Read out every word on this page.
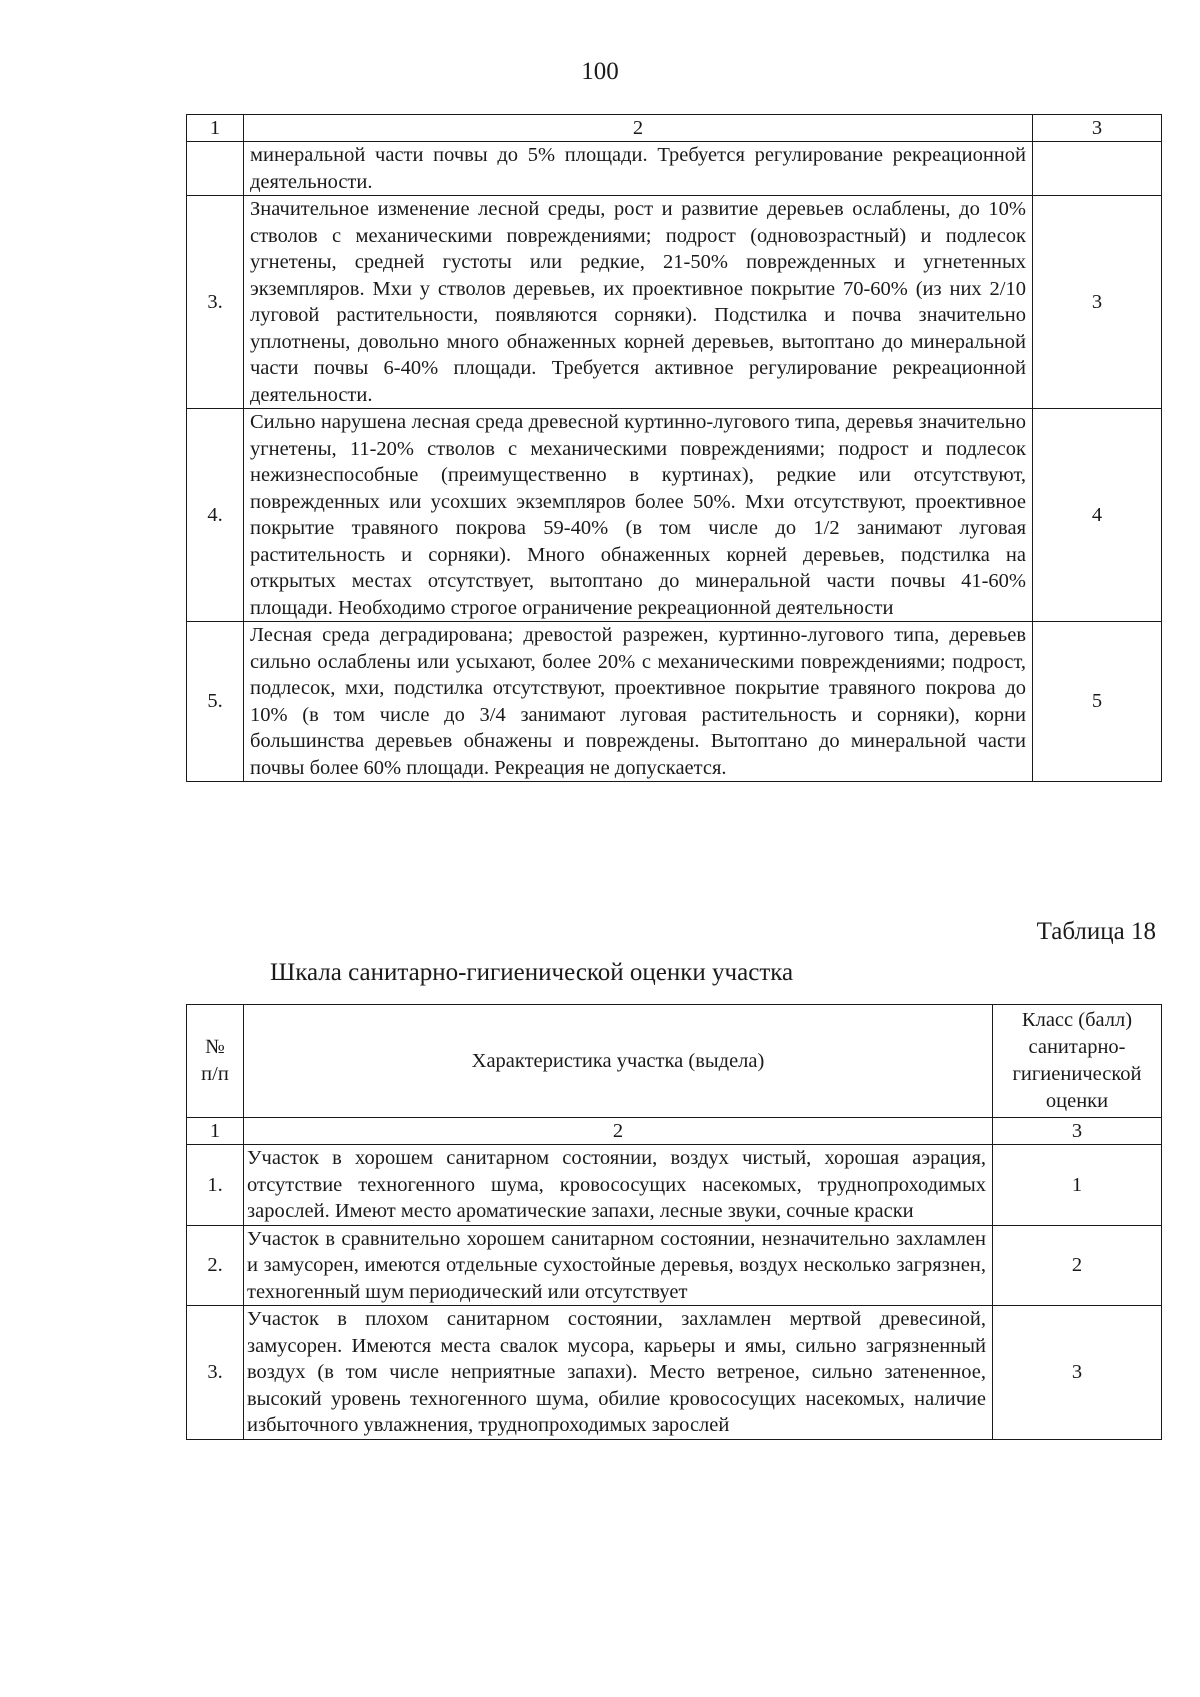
100
1	2	3
	минеральной части почвы до 5% площади. Требуется регулирование рекреационной деятельности.	
3.	Значительное изменение лесной среды, рост и развитие деревьев ослаблены, до 10% стволов с механическими повреждениями; подрост (одновозрастный) и подлесок угнетены, средней густоты или редкие, 21-50% поврежденных и угнетенных экземпляров. Мхи у стволов деревьев, их проективное покрытие 70-60% (из них 2/10 луговой растительности, появляются сорняки). Подстилка и почва значительно уплотнены, довольно много обнаженных корней деревьев, вытоптано до минеральной части почвы 6-40% площади. Требуется активное регулирование рекреационной деятельности.	3
4.	Сильно нарушена лесная среда древесной куртинно-лугового типа, деревья значительно угнетены, 11-20% стволов с механическими повреждениями; подрост и подлесок нежизнеспособные (преимущественно в куртинах), редкие или отсутствуют, поврежденных или усохших экземпляров более 50%. Мхи отсутствуют, проективное покрытие травяного покрова 59-40% (в том числе до 1/2 занимают луговая растительность и сорняки). Много обнаженных корней деревьев, подстилка на открытых местах отсутствует, вытоптано до минеральной части почвы 41-60% площади. Необходимо строгое ограничение рекреационной деятельности	4
5.	Лесная среда деградирована; древостой разрежен, куртинно-лугового типа, деревьев сильно ослаблены или усыхают, более 20% с механическими повреждениями; подрост, подлесок, мхи, подстилка отсутствуют, проективное покрытие травяного покрова до 10% (в том числе до 3/4 занимают луговая растительность и сорняки), корни большинства деревьев обнажены и повреждены. Вытоптано до минеральной части почвы более 60% площади. Рекреация не допускается.	5
Таблица 18
Шкала санитарно-гигиенической оценки участка
№ п/п	Характеристика участка (выдела)	Класс (балл) санитарно-гигиенической оценки
1	2	3
1.	Участок в хорошем санитарном состоянии, воздух чистый, хорошая аэрация, отсутствие техногенного шума, кровососущих насекомых, труднопроходимых зарослей. Имеют место ароматические запахи, лесные звуки, сочные краски	1
2.	Участок в сравнительно хорошем санитарном состоянии, незначительно захламлен и замусорен, имеются отдельные сухостойные деревья, воздух несколько загрязнен, техногенный шум периодический или отсутствует	2
3.	Участок в плохом санитарном состоянии, захламлен мертвой древесиной, замусорен. Имеются места свалок мусора, карьеры и ямы, сильно загрязненный воздух (в том числе неприятные запахи). Место ветреное, сильно затененное, высокий уровень техногенного шума, обилие кровососущих насекомых, наличие избыточного увлажнения, труднопроходимых зарослей	3
